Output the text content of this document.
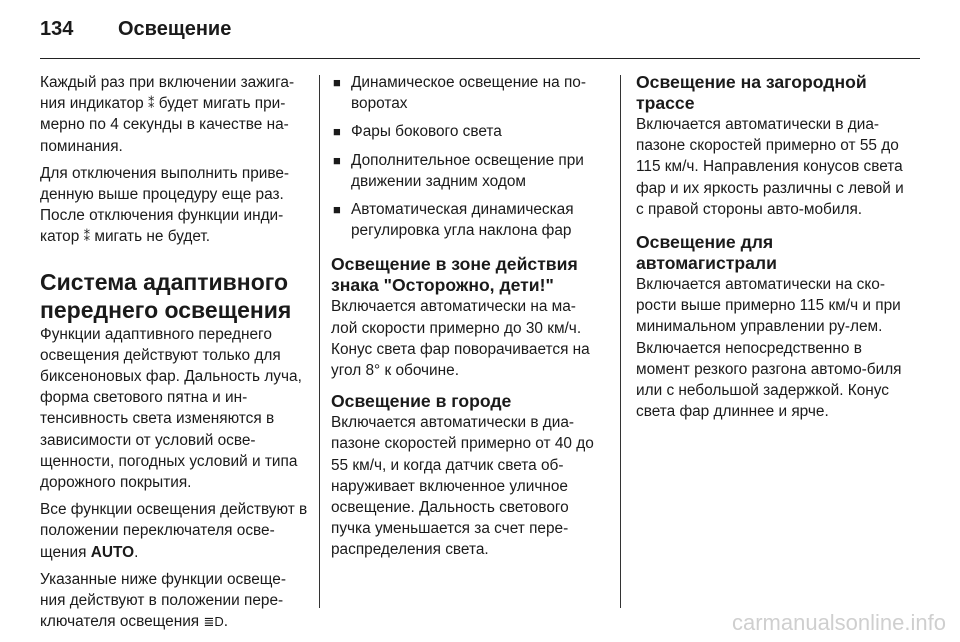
134 Освещение

Каждый раз при включении зажига-ния индикатор ⁑ будет мигать при-мерно по 4 секунды в качестве на-поминания.

Для отключения выполнить приве-денную выше процедуру еще раз. После отключения функции инди-катор ⁑ мигать не будет.

Система адаптивного переднего освещения

Функции адаптивного переднего освещения действуют только для биксеноновых фар. Дальность луча, форма светового пятна и ин-тенсивность света изменяются в зависимости от условий осве-щенности, погодных условий и типа дорожного покрытия.

Все функции освещения действуют в положении переключателя осве-щения AUTO.

Указанные ниже функции освеще-ния действуют в положении пере-ключателя освещения ≣D.

■ Динамическое освещение на по-воротах
■ Фары бокового света
■ Дополнительное освещение при движении задним ходом
■ Автоматическая динамическая регулировка угла наклона фар
Освещение в зоне действия знака "Осторожно, дети!"

Включается автоматически на ма-лой скорости примерно до 30 км/ч. Конус света фар поворачивается на угол 8° к обочине.

Освещение в городе

Включается автоматически в диа-пазоне скоростей примерно от 40 до 55 км/ч, и когда датчик света об-наруживает включенное уличное освещение. Дальность светового пучка уменьшается за счет пере-распределения света.

Освещение на загородной трассе

Включается автоматически в диа-пазоне скоростей примерно от 55 до 115 км/ч. Направления конусов света фар и их яркость различны с левой и с правой стороны авто-мобиля.

Освещение для автомагистрали

Включается автоматически на ско-рости выше примерно 115 км/ч и при минимальном управлении ру-лем. Включается непосредственно в момент резкого разгона автомо-биля или с небольшой задержкой. Конус света фар длиннее и ярче.

carmanualsonline.info
